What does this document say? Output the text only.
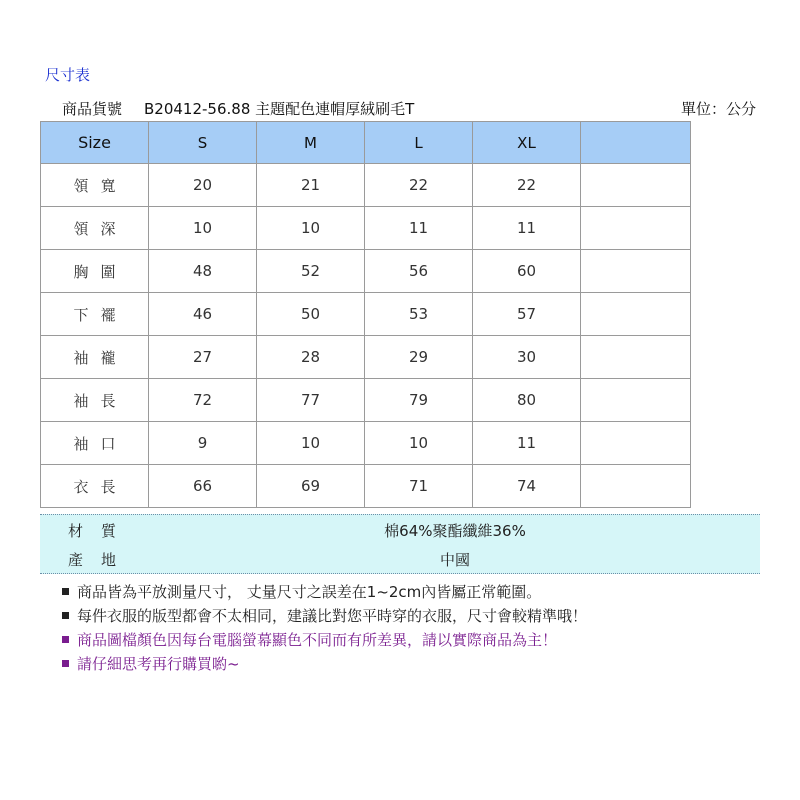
尺寸表
商品貨號 B20412-56.88 主題配色連帽厚絨刷毛T	單位：公分
Size	S	M	L	XL	
領寬	20	21	22	22	
領深	10	10	11	11	
胸圍	48	52	56	60	
下襬	46	50	53	57	
袖襱	27	28	29	30	
袖長	72	77	79	80	
袖口	9	10	10	11	
衣長	66	69	71	74	
材質	棉64%聚酯纖維36%
產地	中國
商品皆為平放測量尺寸， 丈量尺寸之誤差在1~2cm內皆屬正常範圍。
每件衣服的版型都會不太相同，建議比對您平時穿的衣服，尺寸會較精準哦！
商品圖檔顏色因每台電腦螢幕顯色不同而有所差異，請以實際商品為主！
請仔細思考再行購買喲~
